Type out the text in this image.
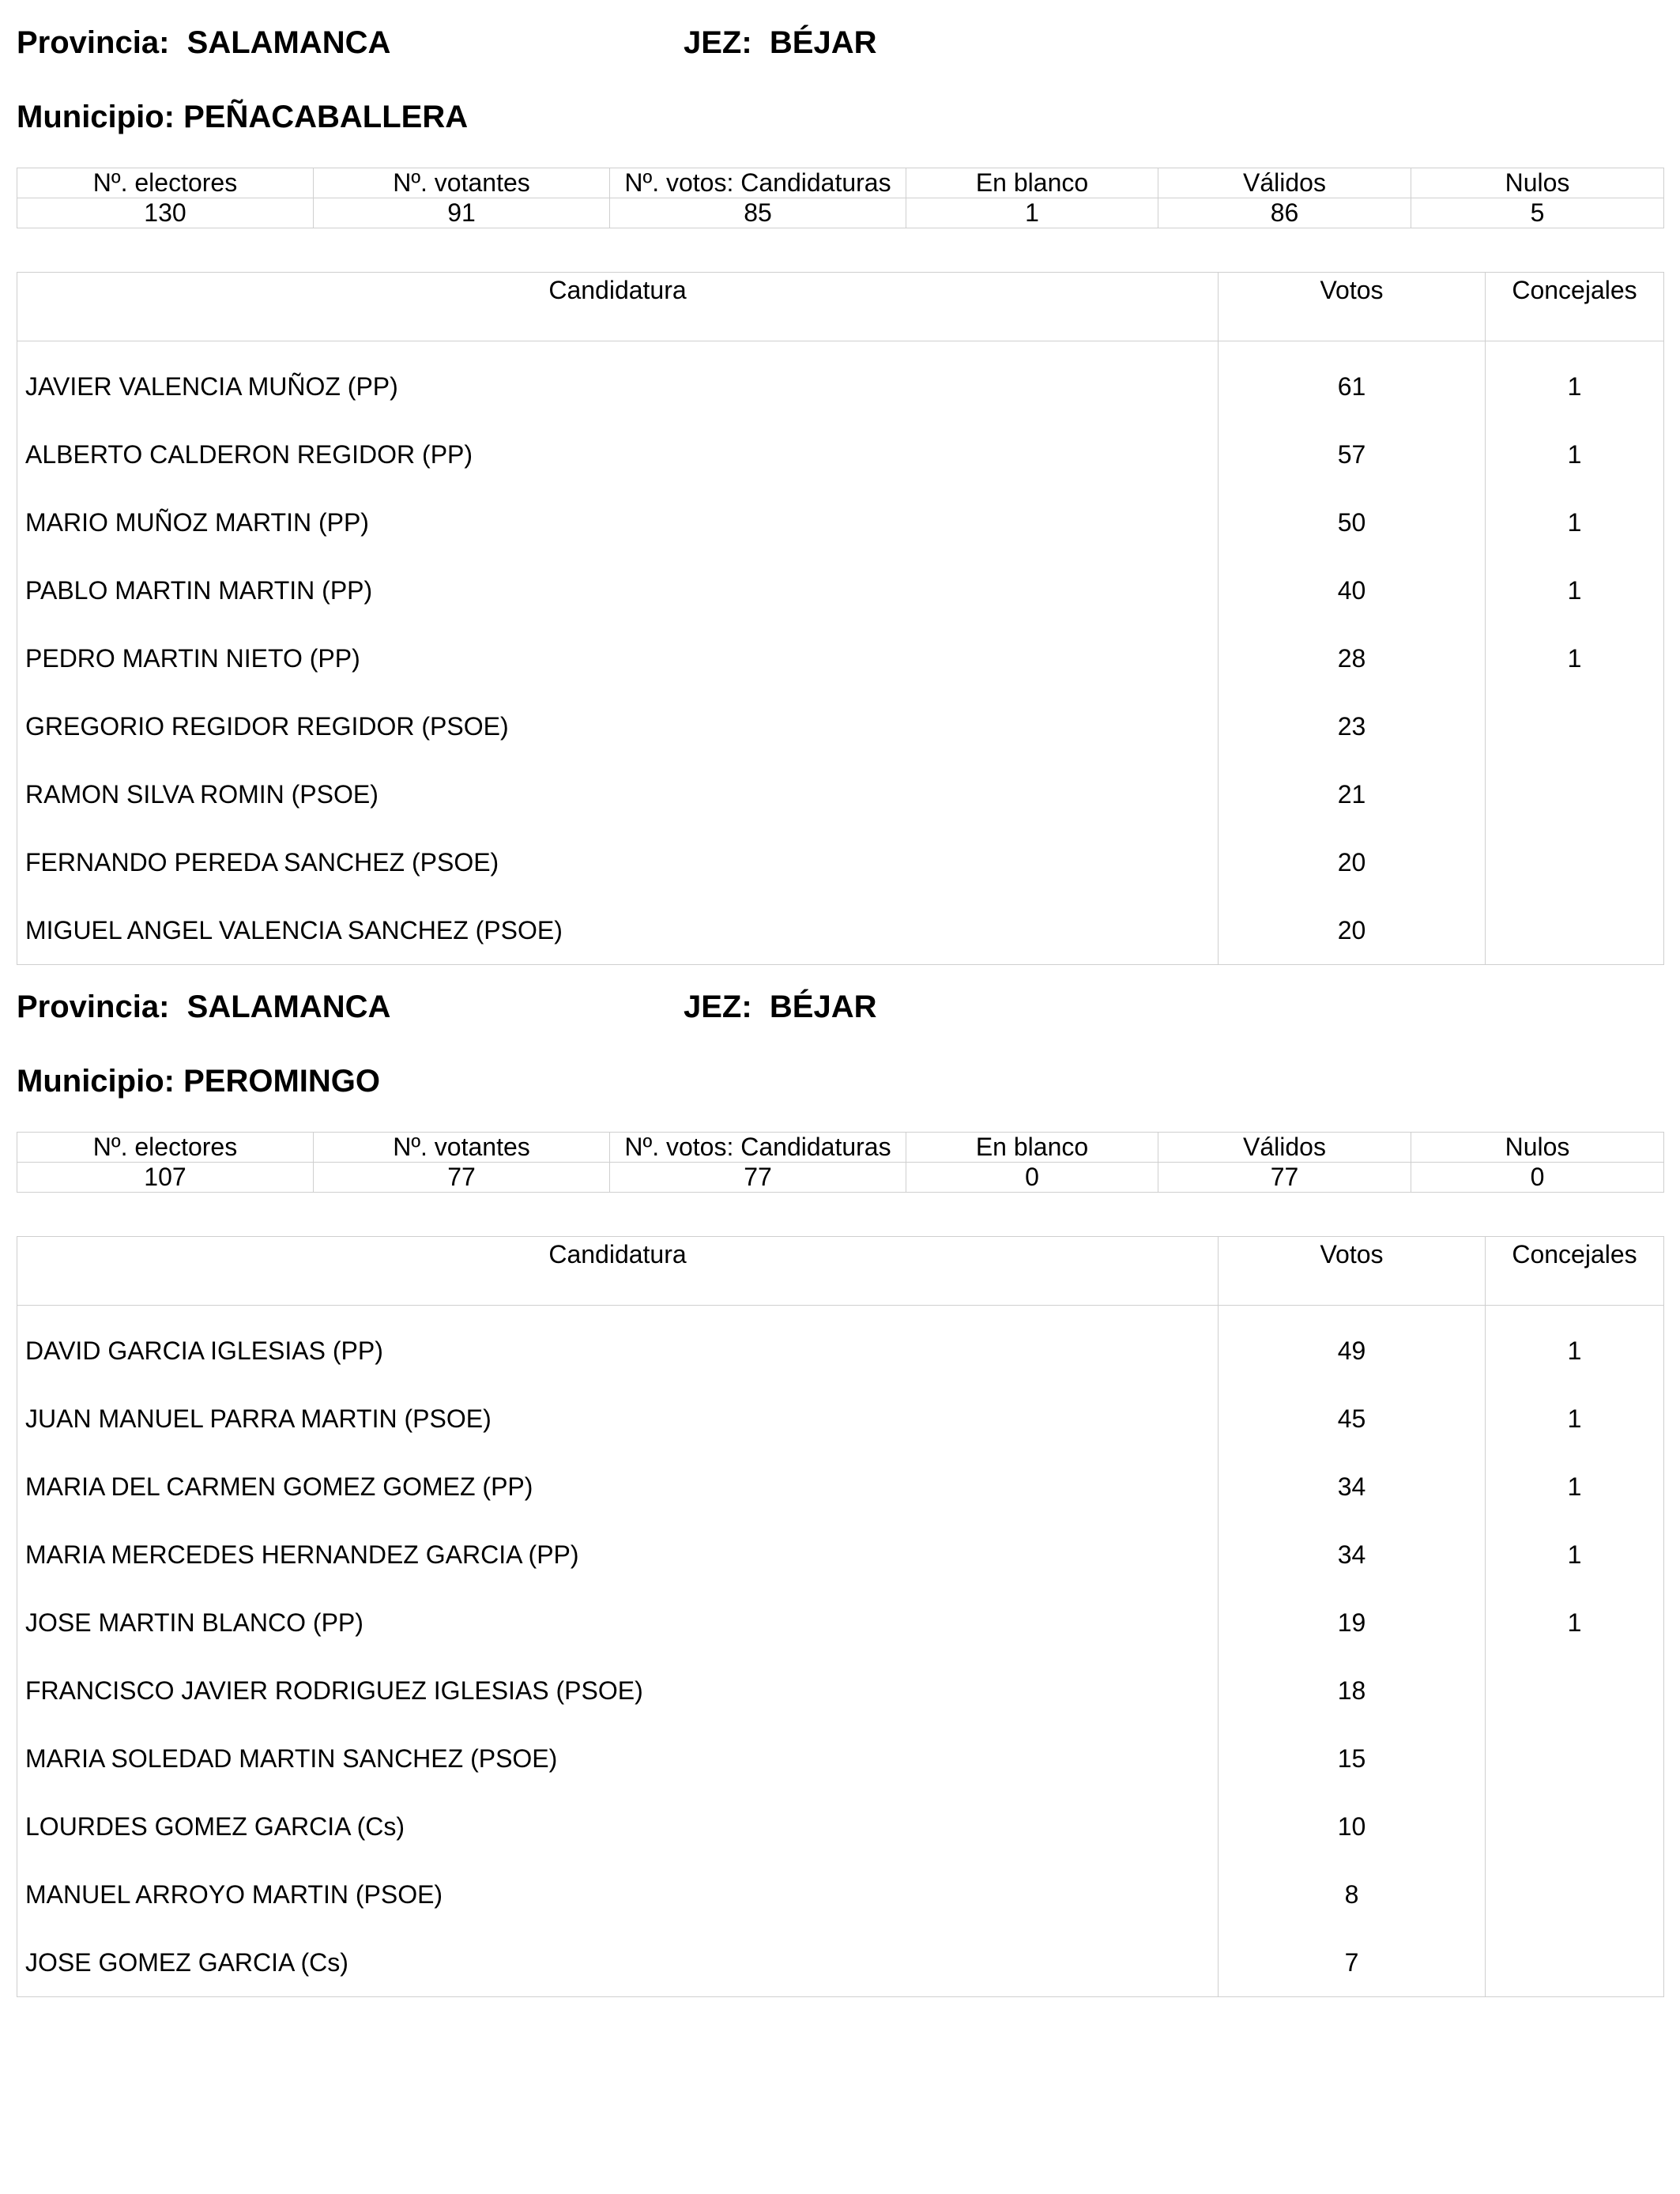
Provincia: SALAMANCA	JEZ: BÉJAR
Municipio: PEÑACABALLERA
Nº. electores	Nº. votantes	Nº. votos: Candidaturas	En blanco	Válidos	Nulos
130	91	85	1	86	5
Candidatura	Votos	Concejales
JAVIER VALENCIA MUÑOZ (PP)	61	1
ALBERTO CALDERON REGIDOR (PP)	57	1
MARIO MUÑOZ MARTIN (PP)	50	1
PABLO MARTIN MARTIN (PP)	40	1
PEDRO MARTIN NIETO (PP)	28	1
GREGORIO REGIDOR REGIDOR (PSOE)	23	
RAMON SILVA ROMIN (PSOE)	21	
FERNANDO PEREDA SANCHEZ (PSOE)	20	
MIGUEL ANGEL VALENCIA SANCHEZ (PSOE)	20	
Provincia: SALAMANCA	JEZ: BÉJAR
Municipio: PEROMINGO
Nº. electores	Nº. votantes	Nº. votos: Candidaturas	En blanco	Válidos	Nulos
107	77	77	0	77	0
Candidatura	Votos	Concejales
DAVID GARCIA IGLESIAS (PP)	49	1
JUAN MANUEL PARRA MARTIN (PSOE)	45	1
MARIA DEL CARMEN GOMEZ GOMEZ (PP)	34	1
MARIA MERCEDES HERNANDEZ GARCIA (PP)	34	1
JOSE MARTIN BLANCO (PP)	19	1
FRANCISCO JAVIER RODRIGUEZ IGLESIAS (PSOE)	18	
MARIA SOLEDAD MARTIN SANCHEZ (PSOE)	15	
LOURDES GOMEZ GARCIA (Cs)	10	
MANUEL ARROYO MARTIN (PSOE)	8	
JOSE GOMEZ GARCIA (Cs)	7	
